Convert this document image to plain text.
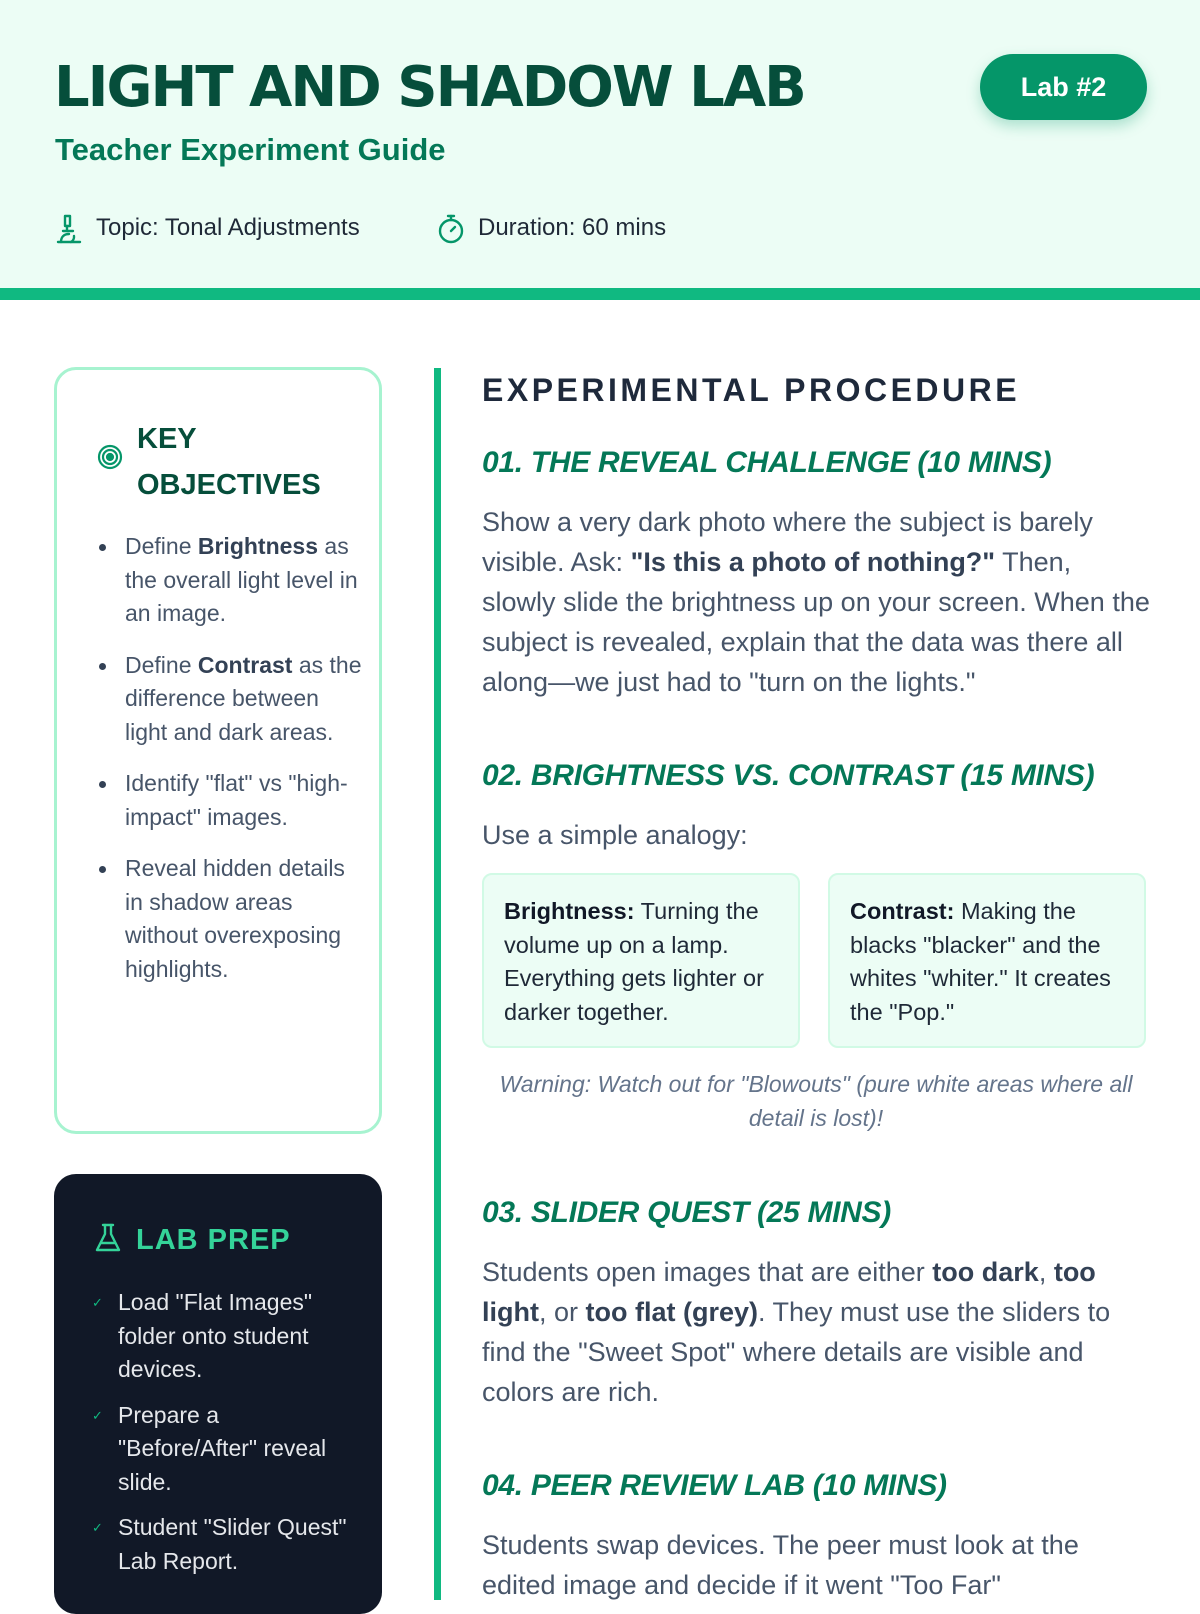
LIGHT AND SHADOW LAB
Teacher Experiment Guide
Lab #2
Topic: Tonal Adjustments	Duration: 60 mins
KEY OBJECTIVES
Define Brightness as the overall light level in an image.
Define Contrast as the difference between light and dark areas.
Identify "flat" vs "high-impact" images.
Reveal hidden details in shadow areas without overexposing highlights.
LAB PREP
✓ Load "Flat Images" folder onto student devices.
✓ Prepare a "Before/After" reveal slide.
✓ Student "Slider Quest" Lab Report.
EXPERIMENTAL PROCEDURE
01. THE REVEAL CHALLENGE (10 MINS)
Show a very dark photo where the subject is barely visible. Ask: "Is this a photo of nothing?" Then, slowly slide the brightness up on your screen. When the subject is revealed, explain that the data was there all along—we just had to "turn on the lights."
02. BRIGHTNESS VS. CONTRAST (15 MINS)
Use a simple analogy:
Brightness: Turning the volume up on a lamp. Everything gets lighter or darker together.
Contrast: Making the blacks "blacker" and the whites "whiter." It creates the "Pop."
Warning: Watch out for "Blowouts" (pure white areas where all detail is lost)!
03. SLIDER QUEST (25 MINS)
Students open images that are either too dark, too light, or too flat (grey). They must use the sliders to find the "Sweet Spot" where details are visible and colors are rich.
04. PEER REVIEW LAB (10 MINS)
Students swap devices. The peer must look at the edited image and decide if it went "Too Far"
